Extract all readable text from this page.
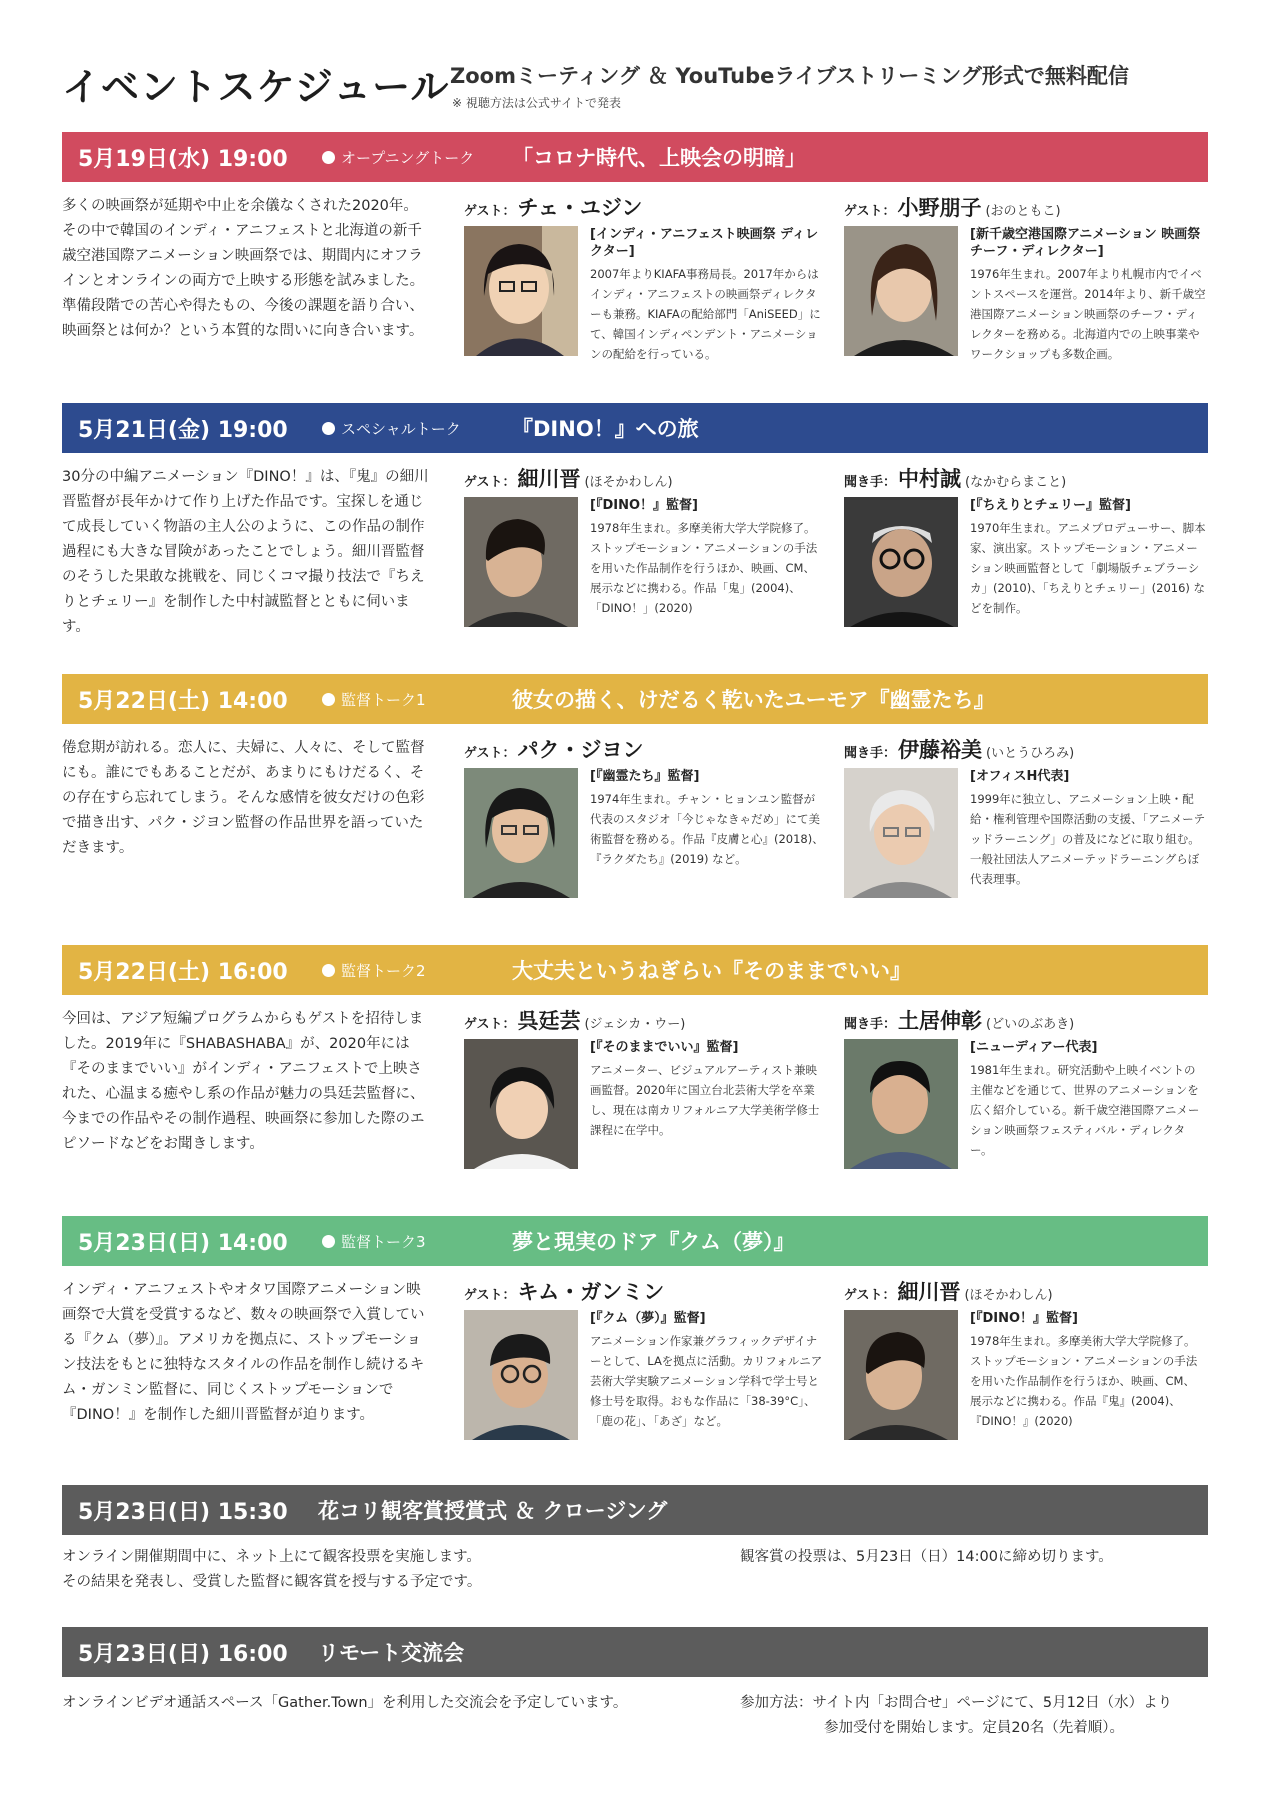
イベントスケジュール Zoomミーティング ＆ YouTubeライブストリーミング形式で無料配信
※ 視聴方法は公式サイトで発表
5月19日(水) 19:00	オープニングトーク 「コロナ時代、上映会の明暗」
多くの映画祭が延期や中止を余儀なくされた2020年。その中で韓国のインディ・アニフェストと北海道の新千歳空港国際アニメーション映画祭では、期間内にオフラインとオンラインの両方で上映する形態を試みました。準備段階での苦心や得たもの、今後の課題を語り合い、映画祭とは何か？という本質的な問いに向き合います。
ゲスト：チェ・ユジン
[インディ・アニフェスト映画祭 ディレクター]
2007年よりKIAFA事務局長。2017年からはインディ・アニフェストの映画祭ディレクターも兼務。KIAFAの配給部門「AniSEED」にて、韓国インディペンデント・アニメーションの配給を行っている。
ゲスト：小野朋子 (おのともこ)
[新千歳空港国際アニメーション 映画祭チーフ・ディレクター]
1976年生まれ。2007年より札幌市内でイベントスペースを運営。2014年より、新千歳空港国際アニメーション映画祭のチーフ・ディレクターを務める。北海道内での上映事業やワークショップも多数企画。
5月21日(金) 19:00	スペシャルトーク 『DINO！』への旅
30分の中編アニメーション『DINO！』は、『鬼』の細川晋監督が長年かけて作り上げた作品です。宝探しを通じて成長していく物語の主人公のように、この作品の制作過程にも大きな冒険があったことでしょう。細川晋監督のそうした果敢な挑戦を、同じくコマ撮り技法で『ちえりとチェリー』を制作した中村誠監督とともに伺います。
ゲスト：細川晋 (ほそかわしん)
[『DINO！』監督]
1978年生まれ。多摩美術大学大学院修了。ストップモーション・アニメーションの手法を用いた作品制作を行うほか、映画、CM、展示などに携わる。作品「鬼」(2004)、「DINO！」(2020)
聞き手：中村誠 (なかむらまこと)
[『ちえりとチェリー』監督]
1970年生まれ。アニメプロデューサー、脚本家、演出家。ストップモーション・アニメーション映画監督として「劇場版チェブラーシカ」(2010)、「ちえりとチェリー」(2016) などを制作。
5月22日(土) 14:00	監督トーク1	彼女の描く、けだるく乾いたユーモア『幽霊たち』
倦怠期が訪れる。恋人に、夫婦に、人々に、そして監督にも。誰にでもあることだが、あまりにもけだるく、その存在すら忘れてしまう。そんな感情を彼女だけの色彩で描き出す、パク・ジヨン監督の作品世界を語っていただきます。
ゲスト：パク・ジヨン
[『幽霊たち』監督]
1974年生まれ。チャン・ヒョンユン監督が代表のスタジオ「今じゃなきゃだめ」にて美術監督を務める。作品『皮膚と心』(2018)、『ラクダたち』(2019) など。
聞き手：伊藤裕美 (いとうひろみ)
[オフィスH代表]
1999年に独立し、アニメーション上映・配給・権利管理や国際活動の支援、「アニメーテッドラーニング」の普及になどに取り組む。一般社団法人アニメーテッドラーニングらぼ代表理事。
5月22日(土) 16:00	監督トーク2	大丈夫というねぎらい『そのままでいい』
今回は、アジア短編プログラムからもゲストを招待しました。2019年に『SHABASHABA』が、2020年には『そのままでいい』がインディ・アニフェストで上映された、心温まる癒やし系の作品が魅力の呉廷芸監督に、今までの作品やその制作過程、映画祭に参加した際のエピソードなどをお聞きします。
ゲスト：呉廷芸 (ジェシカ・ウー)
[『そのままでいい』監督]
アニメーター、ビジュアルアーティスト兼映画監督。2020年に国立台北芸術大学を卒業し、現在は南カリフォルニア大学美術学修士課程に在学中。
聞き手：土居伸彰 (どいのぶあき)
[ニューディアー代表]
1981年生まれ。研究活動や上映イベントの主催などを通じて、世界のアニメーションを広く紹介している。新千歳空港国際アニメーション映画祭フェスティバル・ディレクター。
5月23日(日) 14:00	監督トーク3	夢と現実のドア『クム（夢）』
インディ・アニフェストやオタワ国際アニメーション映画祭で大賞を受賞するなど、数々の映画祭で入賞している『クム（夢）』。アメリカを拠点に、ストップモーション技法をもとに独特なスタイルの作品を制作し続けるキム・ガンミン監督に、同じくストップモーションで『DINO！』を制作した細川晋監督が迫ります。
ゲスト：キム・ガンミン
[『クム（夢）』監督]
アニメーション作家兼グラフィックデザイナーとして、LAを拠点に活動。カリフォルニア芸術大学実験アニメーション学科で学士号と修士号を取得。おもな作品に「38-39°C」、「鹿の花」、「あざ」など。
ゲスト：細川晋 (ほそかわしん)
[『DINO！』監督]
1978年生まれ。多摩美術大学大学院修了。ストップモーション・アニメーションの手法を用いた作品制作を行うほか、映画、CM、展示などに携わる。作品『鬼』(2004)、『DINO！』(2020)
5月23日(日) 15:30	花コリ観客賞授賞式 ＆ クロージング
オンライン開催期間中に、ネット上にて観客投票を実施します。
その結果を発表し、受賞した監督に観客賞を授与する予定です。
観客賞の投票は、5月23日（日）14:00に締め切ります。
5月23日(日) 16:00	リモート交流会
オンラインビデオ通話スペース「Gather.Town」を利用した交流会を予定しています。	参加方法：サイト内「お問合せ」ページにて、5月12日（水）より
参加受付を開始します。定員20名（先着順）。
